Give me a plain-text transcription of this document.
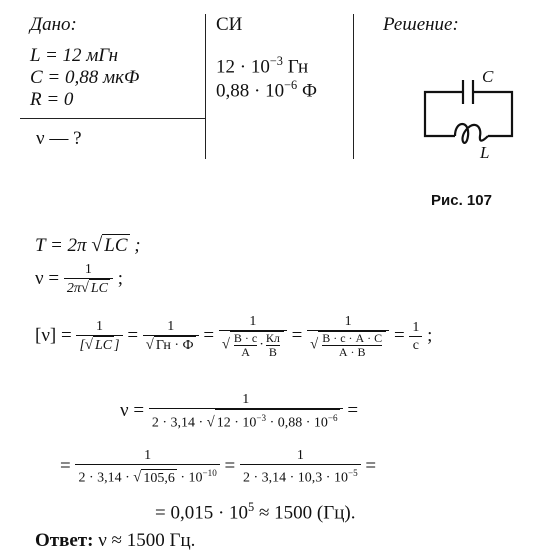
Дано:
L = 12 мГн
C = 0,88 мкФ
R = 0
ν — ?
СИ
$12 \cdot 10^{-3}$ Гн
$0,88 \cdot 10^{-6}$ Ф
Решение:
C
L
Рис. 107
T = 2π √ LC ;
$\nu = \frac{1}{2\pi√ LC}$ ;
$[\nu] = \frac{1}{[√ LC ]} = \frac{1}{√ Гн \cdot Ф} = 1$
√ В · с
А · Кл
В = 1
√ В · с · А · С
$А \cdot В = \frac{1}{с}$ ;
$\nu = \frac{1}{2 \cdot 3,14 \cdot √ 12 \cdot 10^{-3} \cdot 0,88 \cdot 10^{-6}}$ =
= $\frac{1}{2 \cdot 3,14 \cdot √ 105,6 \cdot 10^{-10}} = \frac{1}{2 \cdot 3,14 \cdot 10,3 \cdot 10^{-5}}$ =
= $0,015 \cdot 10^5 \approx 1500$ (Гц).
Ответ: ν ≈ 1500 Гц.
